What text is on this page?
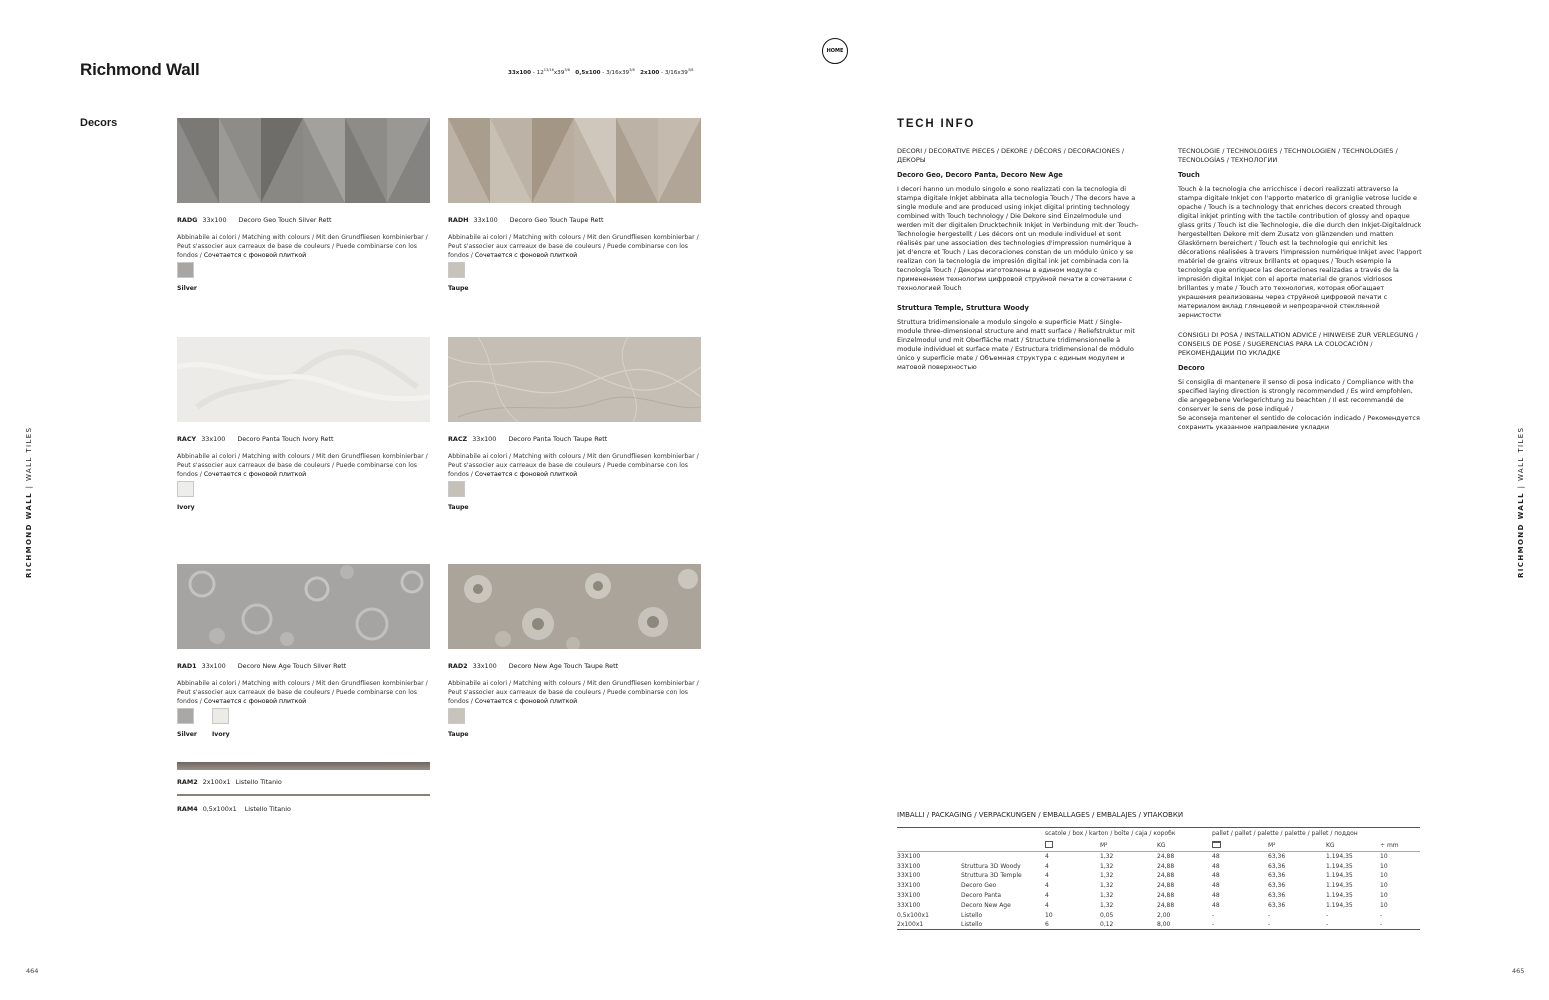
Richmond Wall	$33x100 - 12^{13/16}x39^{3/8}$ $0,5x100 - 3/16x39^{3/8}$ $2x100 - 3/16x39^{3/8}$
HOME
Decors
RADG 33x100 Decoro Geo Touch Silver Rett
Abbinabile ai colori / Matching with colours / Mit den Grundfliesen kombinierbar / Peut s'associer aux carreaux de base de couleurs / Puede combinarse con los fondos / Сочетается с фоновой плиткой
Silver
RADH 33x100 Decoro Geo Touch Taupe Rett
Abbinabile ai colori / Matching with colours / Mit den Grundfliesen kombinierbar / Peut s'associer aux carreaux de base de couleurs / Puede combinarse con los fondos / Сочетается с фоновой плиткой
Taupe
RACY 33x100 Decoro Panta Touch Ivory Rett
Abbinabile ai colori / Matching with colours / Mit den Grundfliesen kombinierbar / Peut s'associer aux carreaux de base de couleurs / Puede combinarse con los fondos / Сочетается с фоновой плиткой
Ivory
RACZ 33x100 Decoro Panta Touch Taupe Rett
Abbinabile ai colori / Matching with colours / Mit den Grundfliesen kombinierbar / Peut s'associer aux carreaux de base de couleurs / Puede combinarse con los fondos / Сочетается с фоновой плиткой
Taupe
RAD1 33x100 Decoro New Age Touch Silver Rett
Abbinabile ai colori / Matching with colours / Mit den Grundfliesen kombinierbar / Peut s'associer aux carreaux de base de couleurs / Puede combinarse con los fondos / Сочетается с фоновой плиткой
Silver Ivory
RAD2 33x100 Decoro New Age Touch Taupe Rett
Abbinabile ai colori / Matching with colours / Mit den Grundfliesen kombinierbar / Peut s'associer aux carreaux de base de couleurs / Puede combinarse con los fondos / Сочетается с фоновой плиткой
Taupe
RAM2 2x100x1 Listello Titanio
RAM4 0,5x100x1 Listello Titanio
RICHMOND WALL | WALL TILES
RICHMOND WALL | WALL TILES
464	465
TECH INFO
DECORI / DECORATIVE PIECES / DEKORE / DÉCORS / DECORACIONES / ДЕКОРЫ
Decoro Geo, Decoro Panta, Decoro New Age

I decori hanno un modulo singolo e sono realizzati con la tecnologia di stampa digitale Inkjet abbinata alla tecnologia Touch / The decors have a single module and are produced using inkjet digital printing technology combined with Touch technology / Die Dekore sind Einzelmodule und werden mit der digitalen Drucktechnik Inkjet in Verbindung mit der Touch-Technologie hergestellt / Les décors ont un module individuel et sont réalisés par une association des technologies d'impression numérique à jet d'encre et Touch / Las decoraciones constan de un módulo único y se realizan con la tecnología de impresión digital ink jet combinada con la tecnología Touch / Декоры изготовлены в едином модуле с применением технологии цифровой струйной печати в сочетании с технологией Touch

Struttura Temple, Struttura Woody

Struttura tridimensionale a modulo singolo e superficie Matt / Single-module three-dimensional structure and matt surface / Reliefstruktur mit Einzelmodul und mit Oberfläche matt / Structure tridimensionnelle à module individuel et surface mate / Estructura tridimensional de módulo único y superficie mate / Объемная структура с единым модулем и матовой поверхностью

TECNOLOGIE / TECHNOLOGIES / TECHNOLOGIEN / TECHNOLOGIES / TECNOLOGÍAS / ТЕХНОЛОГИИ
Touch

Touch è la tecnologia che arricchisce i decori realizzati attraverso la stampa digitale Inkjet con l'apporto materico di graniglie vetrose lucide e opache / Touch is a technology that enriches decors created through digital inkjet printing with the tactile contribution of glossy and opaque glass grits / Touch ist die Technologie, die die durch den Inkjet-Digitaldruck hergestellten Dekore mit dem Zusatz von glänzenden und matten Glaskörnern bereichert / Touch est la technologie qui enrichit les décorations réalisées à travers l'impression numérique Inkjet avec l'apport matériel de grains vitreux brillants et opaques / Touch esempio la tecnología que enriquece las decoraciones realizadas a través de la impresión digital Inkjet con el aporte material de granos vidriosos brillantes y mate / Touch это технология, которая обогащает украшения реализованы через струйной цифровой печати с материалом вклад глянцевой и непрозрачной стеклянной зернистости

CONSIGLI DI POSA / INSTALLATION ADVICE / HINWEISE ZUR VERLEGUNG / CONSEILS DE POSE / SUGERENCIAS PARA LA COLOCACIÓN / РЕКОМЕНДАЦИИ ПО УКЛАДКЕ
Decoro
Si consiglia di mantenere il senso di posa indicato / Compliance with the specified laying direction is strongly recommended / Es wird empfohlen, die angegebene Verlegerichtung zu beachten / Il est recommandé de conserver le sens de pose indiqué /
Se aconseja mantener el sentido de colocación indicado / Рекомендуется сохранить указанное направление укладки
IMBALLI / PACKAGING / VERPACKUNGEN / EMBALLAGES / EMBALAJES / УПАКОВКИ
		scatole / box / karton / boîte / caja / коробк			pallet / pallet / palette / palette / pallet / поддон			
			M²	KG		M²	KG	÷ mm
33X100		4	1,32	24,88	48	63,36	1.194,35	10
33X100	Struttura 3D Woody	4	1,32	24,88	48	63,36	1.194,35	10
33X100	Struttura 3D Temple	4	1,32	24,88	48	63,36	1.194,35	10
33X100	Decoro Geo	4	1,32	24,88	48	63,36	1.194,35	10
33X100	Decoro Panta	4	1,32	24,88	48	63,36	1.194,35	10
33X100	Decoro New Age	4	1,32	24,88	48	63,36	1.194,35	10
0,5x100x1	Listello	10	0,05	2,00	-	-	-	-
2x100x1	Listello	6	0,12	8,00	-	-	-	-
